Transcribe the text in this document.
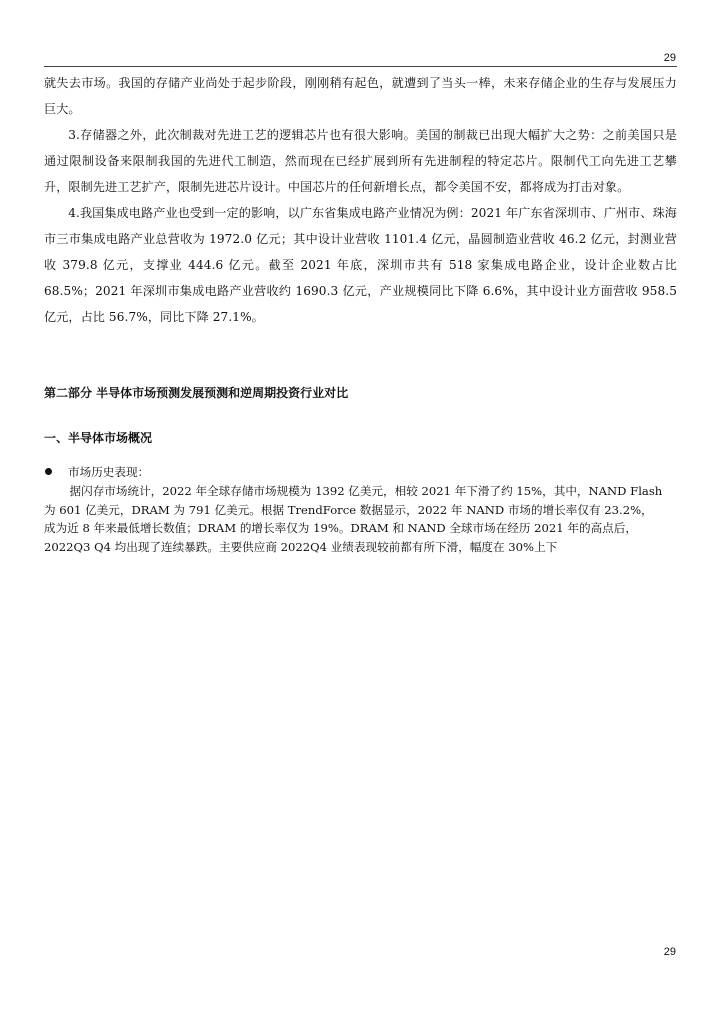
29

就失去市场。我国的存储产业尚处于起步阶段，刚刚稍有起色，就遭到了当头一棒，未来存储企业的生存与发展压力巨大。

3.存储器之外，此次制裁对先进工艺的逻辑芯片也有很大影响。美国的制裁已出现大幅扩大之势：之前美国只是通过限制设备来限制我国的先进代工制造，然而现在已经扩展到所有先进制程的特定芯片。限制代工向先进工艺攀升，限制先进工艺扩产，限制先进芯片设计。中国芯片的任何新增长点，都令美国不安，都将成为打击对象。

4.我国集成电路产业也受到一定的影响，以广东省集成电路产业情况为例：2021 年广东省深圳市、广州市、珠海市三市集成电路产业总营收为 1972.0 亿元；其中设计业营收 1101.4 亿元，晶圆制造业营收 46.2 亿元，封测业营收 379.8 亿元，支撑业 444.6 亿元。截至 2021 年底，深圳市共有 518 家集成电路企业，设计企业数占比 68.5%；2021 年深圳市集成电路产业营收约 1690.3 亿元，产业规模同比下降 6.6%，其中设计业方面营收 958.5 亿元，占比 56.7%，同比下降 27.1%。

第二部分 半导体市场预测发展预测和逆周期投资行业对比
一、半导体市场概况
市场历史表现：

据闪存市场统计，2022 年全球存储市场规模为 1392 亿美元，相较 2021 年下滑了约 15%，其中，NAND Flash

为 601 亿美元，DRAM 为 791 亿美元。根据 TrendForce 数据显示，2022 年 NAND 市场的增长率仅有 23.2%，

成为近 8 年来最低增长数值；DRAM 的增长率仅为 19%。DRAM 和 NAND 全球市场在经历 2021 年的高点后，

2022Q3 Q4 均出现了连续暴跌。主要供应商 2022Q4 业绩表现较前都有所下滑，幅度在 30%上下

29
